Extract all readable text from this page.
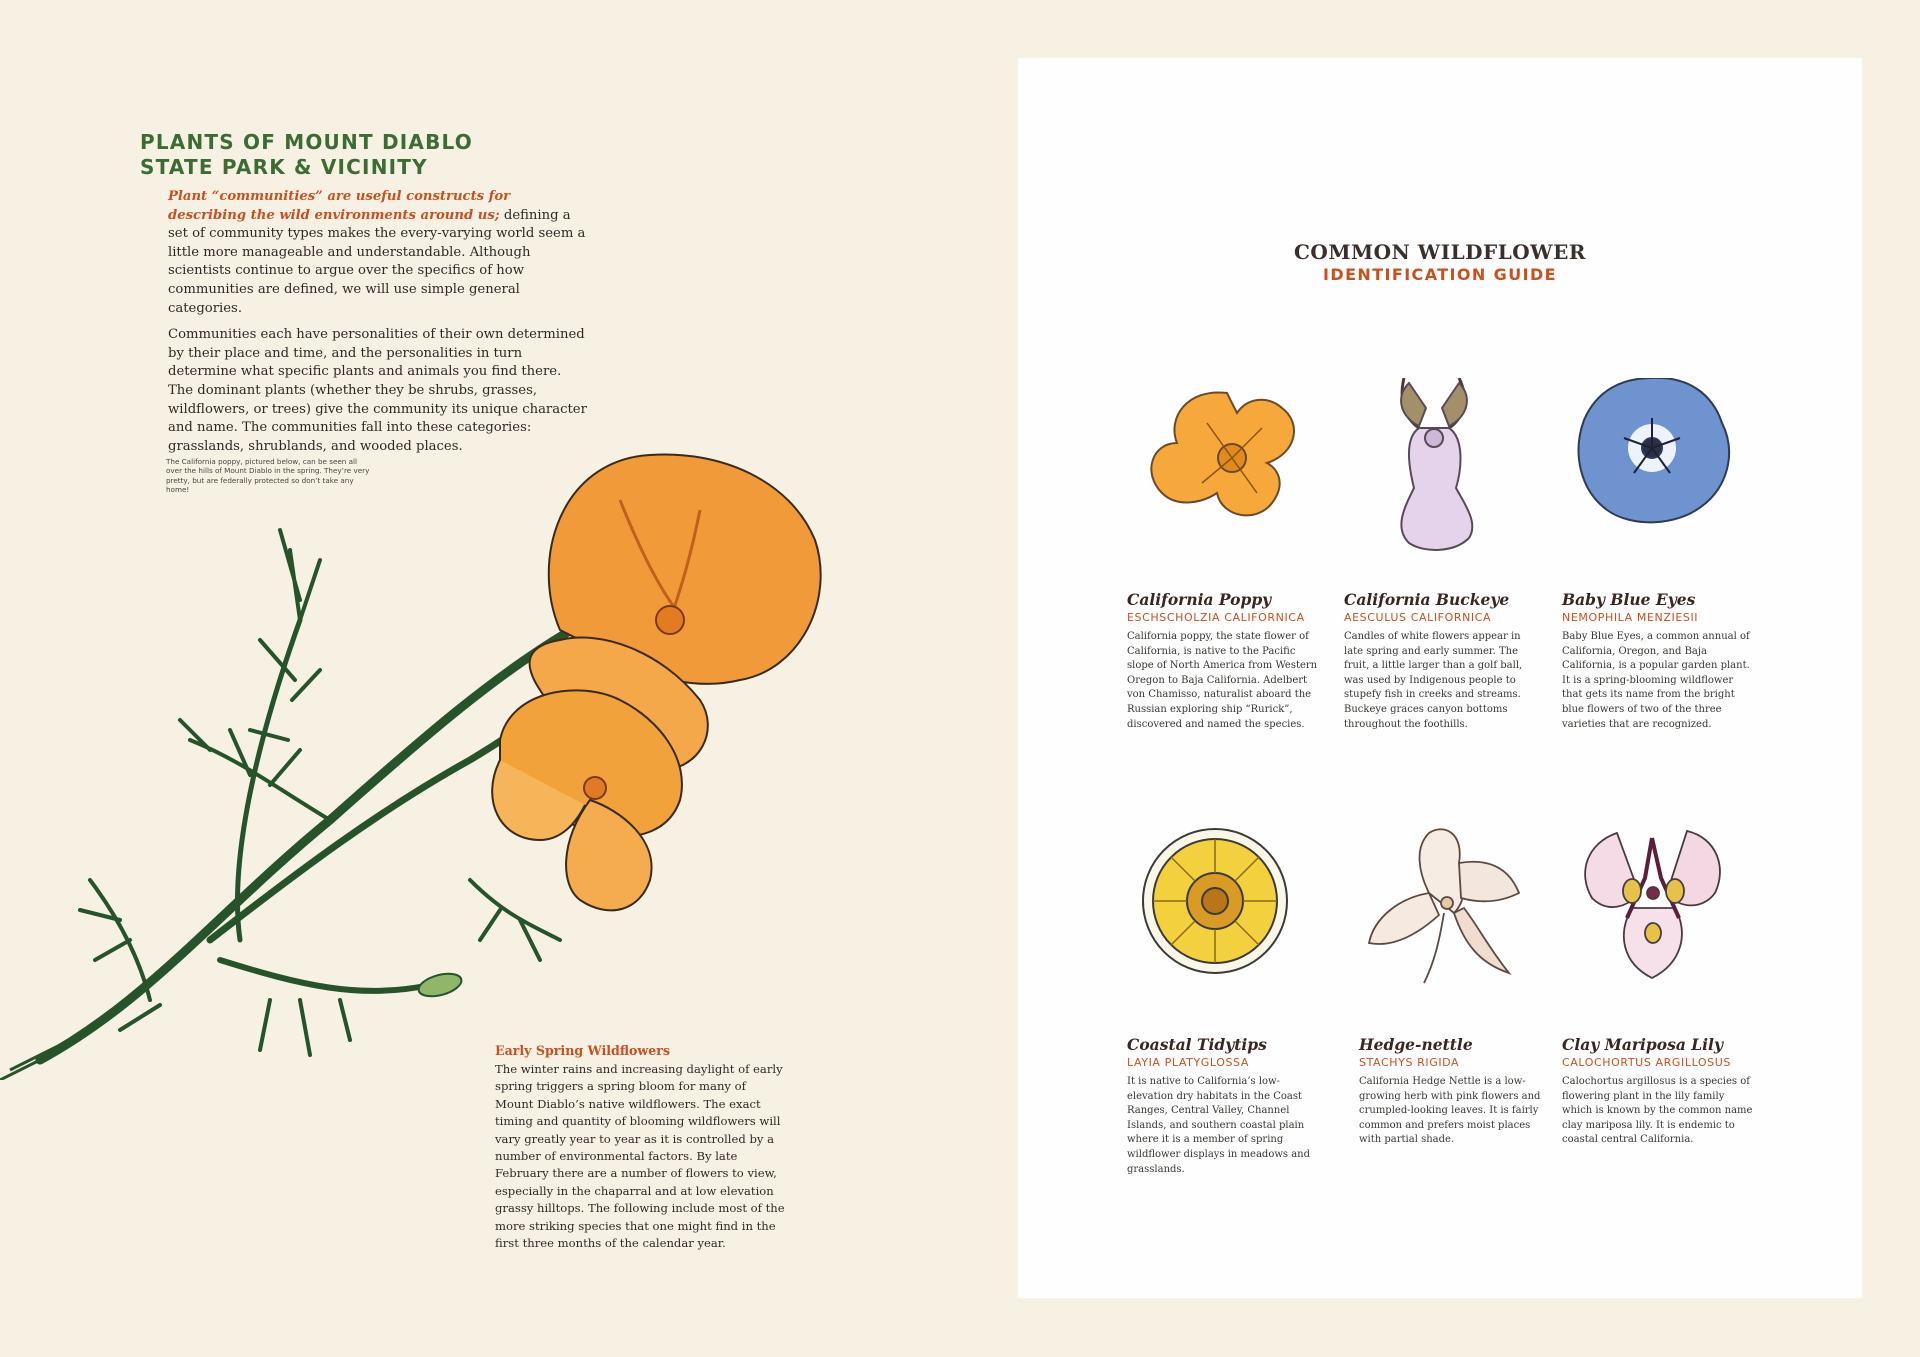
PLANTS OF MOUNT DIABLO
STATE PARK & VICINITY

Plant “communities” are useful constructs for describing the wild environments around us; defining a set of community types makes the every-varying world seem a little more manageable and understandable. Although scientists continue to argue over the specifics of how communities are defined, we will use simple general categories.

Communities each have personalities of their own determined by their place and time, and the personalities in turn determine what specific plants and animals you find there. The dominant plants (whether they be shrubs, grasses, wildflowers, or trees) give the community its unique character and name. The communities fall into these categories: grasslands, shrublands, and wooded places.

The California poppy, pictured below, can be seen all over the hills of Mount Diablo in the spring. They’re very pretty, but are federally protected so don’t take any home!

Early Spring Wildflowers

The winter rains and increasing daylight of early spring triggers a spring bloom for many of Mount Diablo’s native wildflowers. The exact timing and quantity of blooming wildflowers will vary greatly year to year as it is controlled by a number of environmental factors. By late February there are a number of flowers to view, especially in the chaparral and at low elevation grassy hilltops. The following include most of the more striking species that one might find in the first three months of the calendar year.

COMMON WILDFLOWER
IDENTIFICATION GUIDE
California Poppy

ESCHSCHOLZIA CALIFORNICA

California poppy, the state flower of California, is native to the Pacific slope of North America from Western Oregon to Baja California. Adelbert von Chamisso, naturalist aboard the Russian exploring ship “Rurick”, discovered and named the species.

California Buckeye

AESCULUS CALIFORNICA

Candles of white flowers appear in late spring and early summer. The fruit, a little larger than a golf ball, was used by Indigenous people to stupefy fish in creeks and streams. Buckeye graces canyon bottoms throughout the foothills.

Baby Blue Eyes

NEMOPHILA MENZIESII

Baby Blue Eyes, a common annual of California, Oregon, and Baja California, is a popular garden plant. It is a spring-blooming wildflower that gets its name from the bright blue flowers of two of the three varieties that are recognized.

Coastal Tidytips

LAYIA PLATYGLOSSA

It is native to California’s low-elevation dry habitats in the Coast Ranges, Central Valley, Channel Islands, and southern coastal plain where it is a member of spring wildflower displays in meadows and grasslands.

Hedge-nettle

STACHYS RIGIDA

California Hedge Nettle is a low-growing herb with pink flowers and crumpled-looking leaves. It is fairly common and prefers moist places with partial shade.

Clay Mariposa Lily

CALOCHORTUS ARGILLOSUS

Calochortus argillosus is a species of flowering plant in the lily family which is known by the common name clay mariposa lily. It is endemic to coastal central California.
